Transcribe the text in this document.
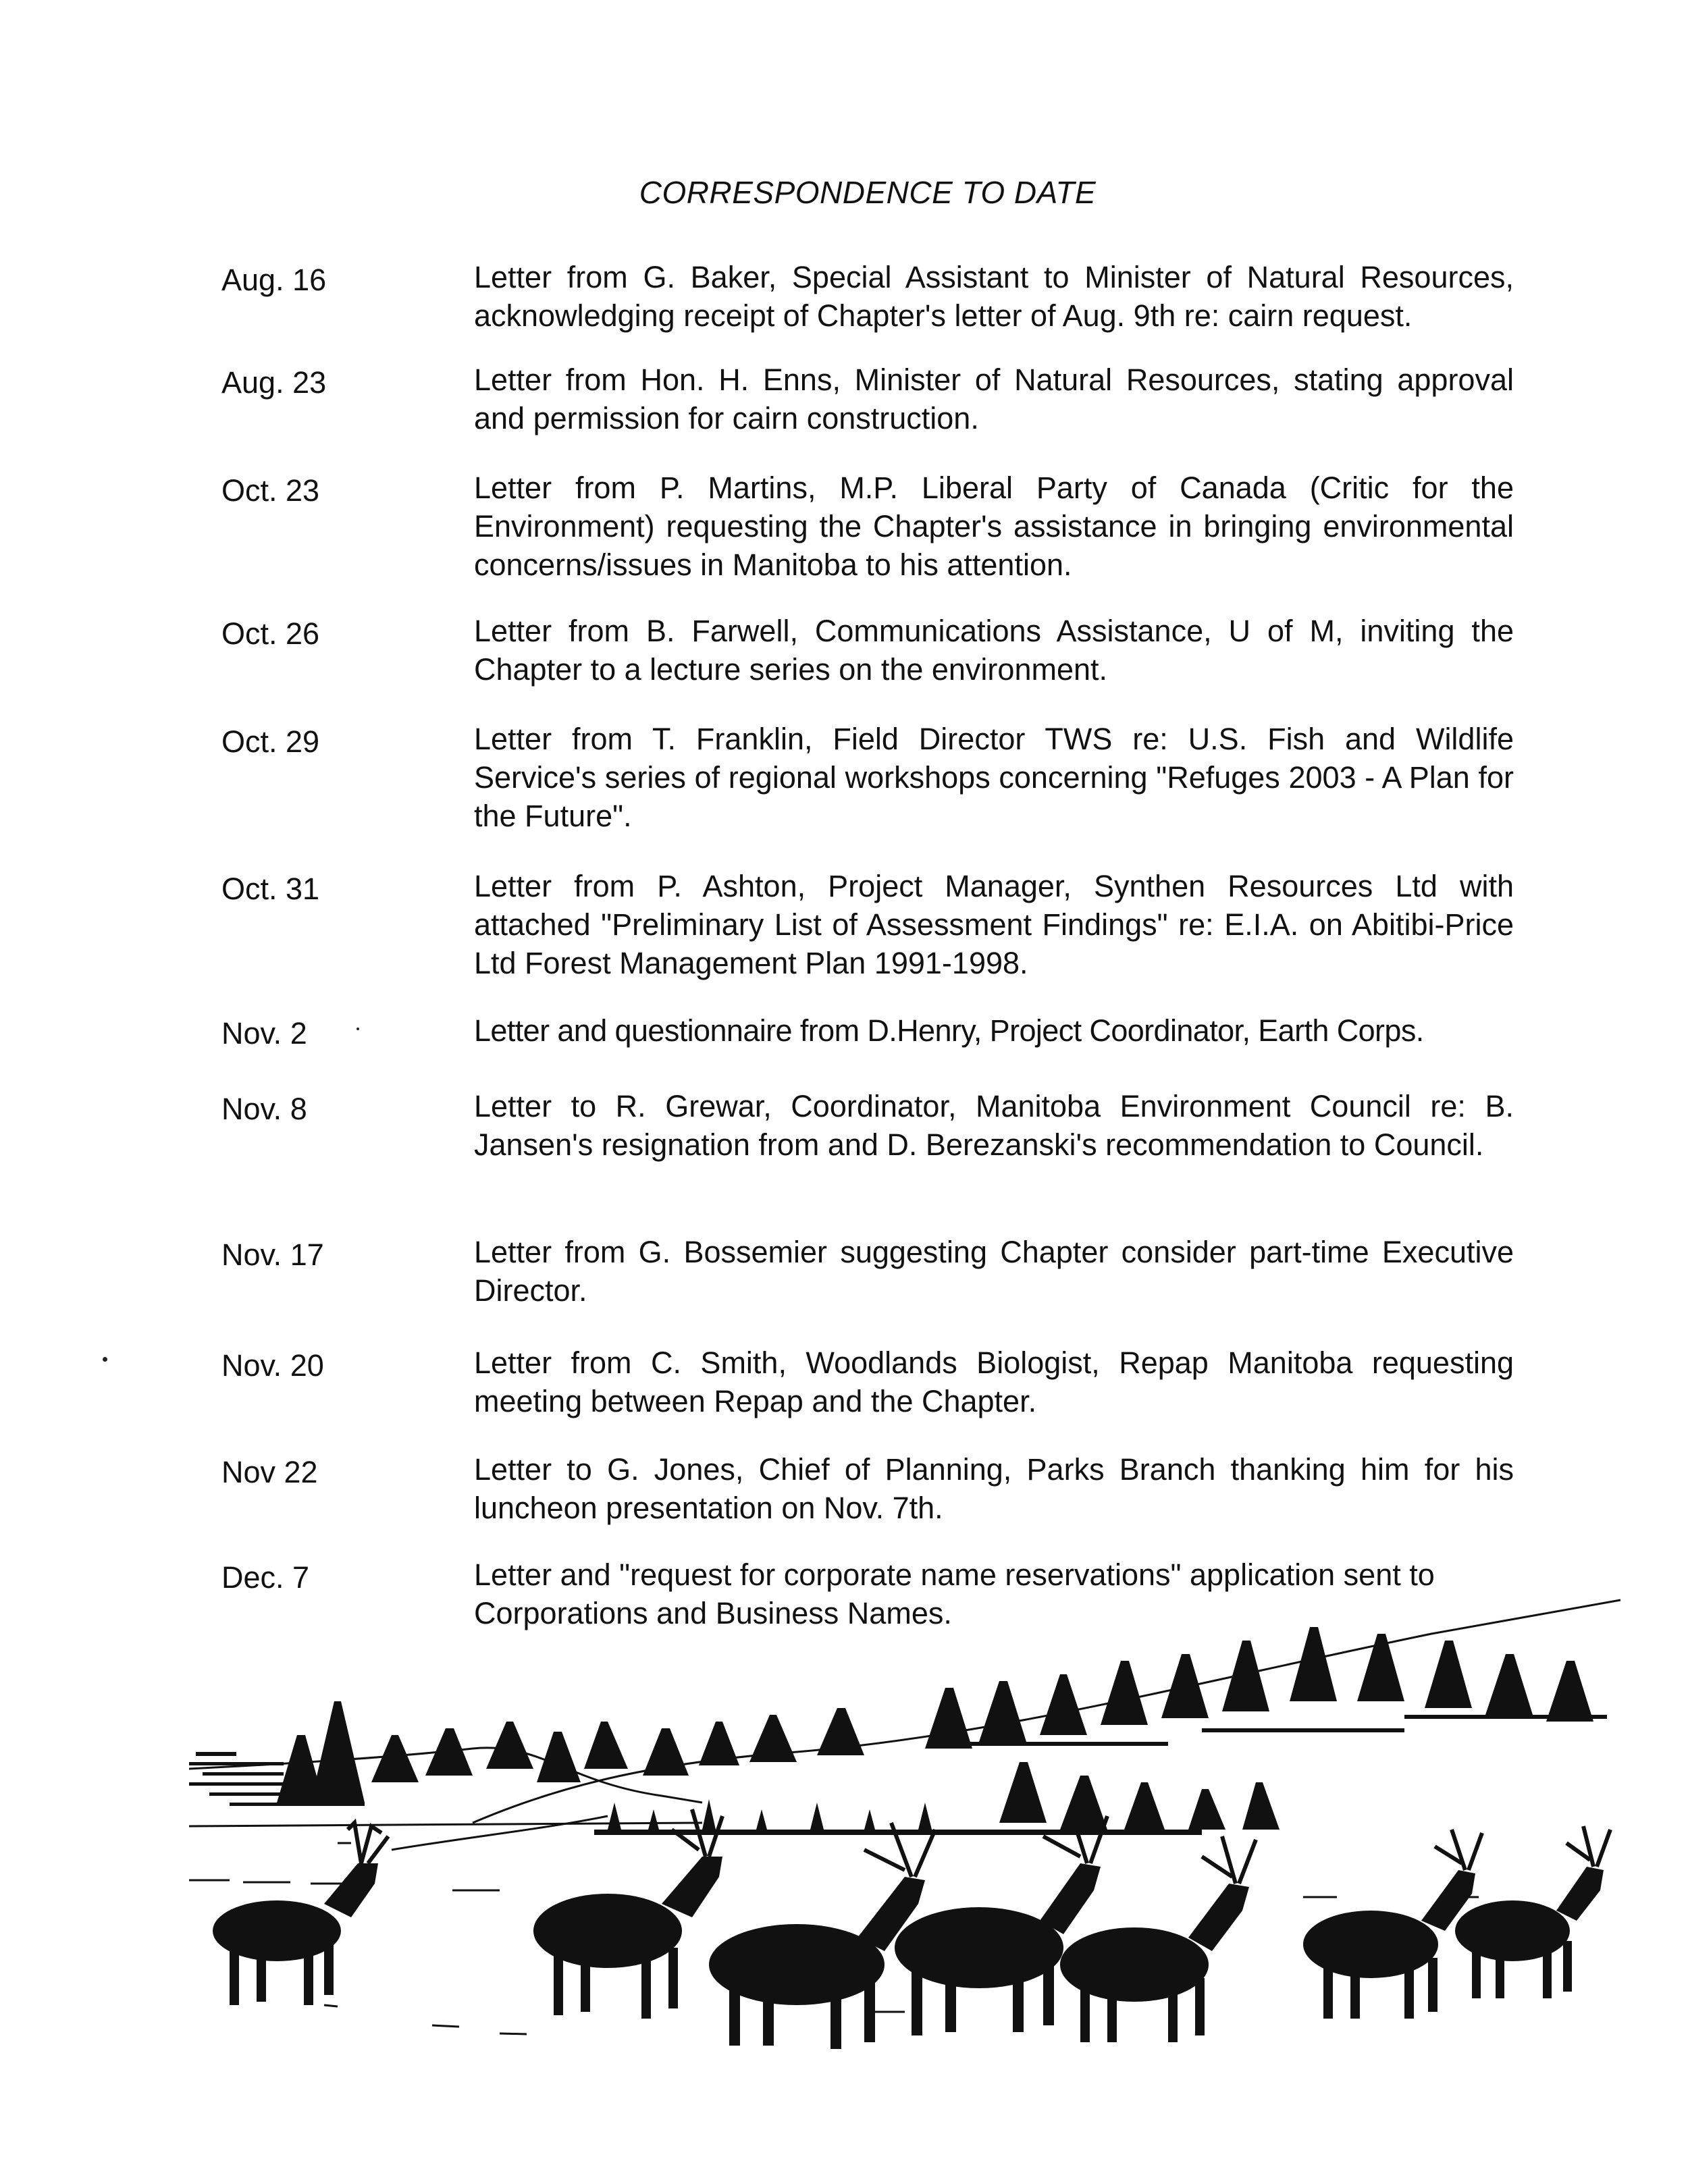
CORRESPONDENCE TO DATE
Aug. 16	Letter from G. Baker, Special Assistant to Minister of Natural Resources, acknowledging receipt of Chapter's letter of Aug. 9th re: cairn request.
Aug. 23	Letter from Hon. H. Enns, Minister of Natural Resources, stating approval and permission for cairn construction.
Oct. 23	Letter from P. Martins, M.P. Liberal Party of Canada (Critic for the Environment) requesting the Chapter's assistance in bringing environmental concerns/issues in Manitoba to his attention.
Oct. 26	Letter from B. Farwell, Communications Assistance, U of M, inviting the Chapter to a lecture series on the environment.
Oct. 29	Letter from T. Franklin, Field Director TWS re: U.S. Fish and Wildlife Service's series of regional workshops concerning "Refuges 2003 - A Plan for the Future".
Oct. 31	Letter from P. Ashton, Project Manager, Synthen Resources Ltd with attached "Preliminary List of Assessment Findings" re: E.I.A. on Abitibi-Price Ltd Forest Management Plan 1991-1998.
Nov. 2	Letter and questionnaire from D.Henry, Project Coordinator, Earth Corps.
Nov. 8	Letter to R. Grewar, Coordinator, Manitoba Environment Council re: B. Jansen's resignation from and D. Berezanski's recommendation to Council.
Nov. 17	Letter from G. Bossemier suggesting Chapter consider part-time Executive Director.
Nov. 20	Letter from C. Smith, Woodlands Biologist, Repap Manitoba requesting meeting between Repap and the Chapter.
Nov 22	Letter to G. Jones, Chief of Planning, Parks Branch thanking him for his luncheon presentation on Nov. 7th.
Dec. 7	Letter and "request for corporate name reservations" application sent to Corporations and Business Names.
